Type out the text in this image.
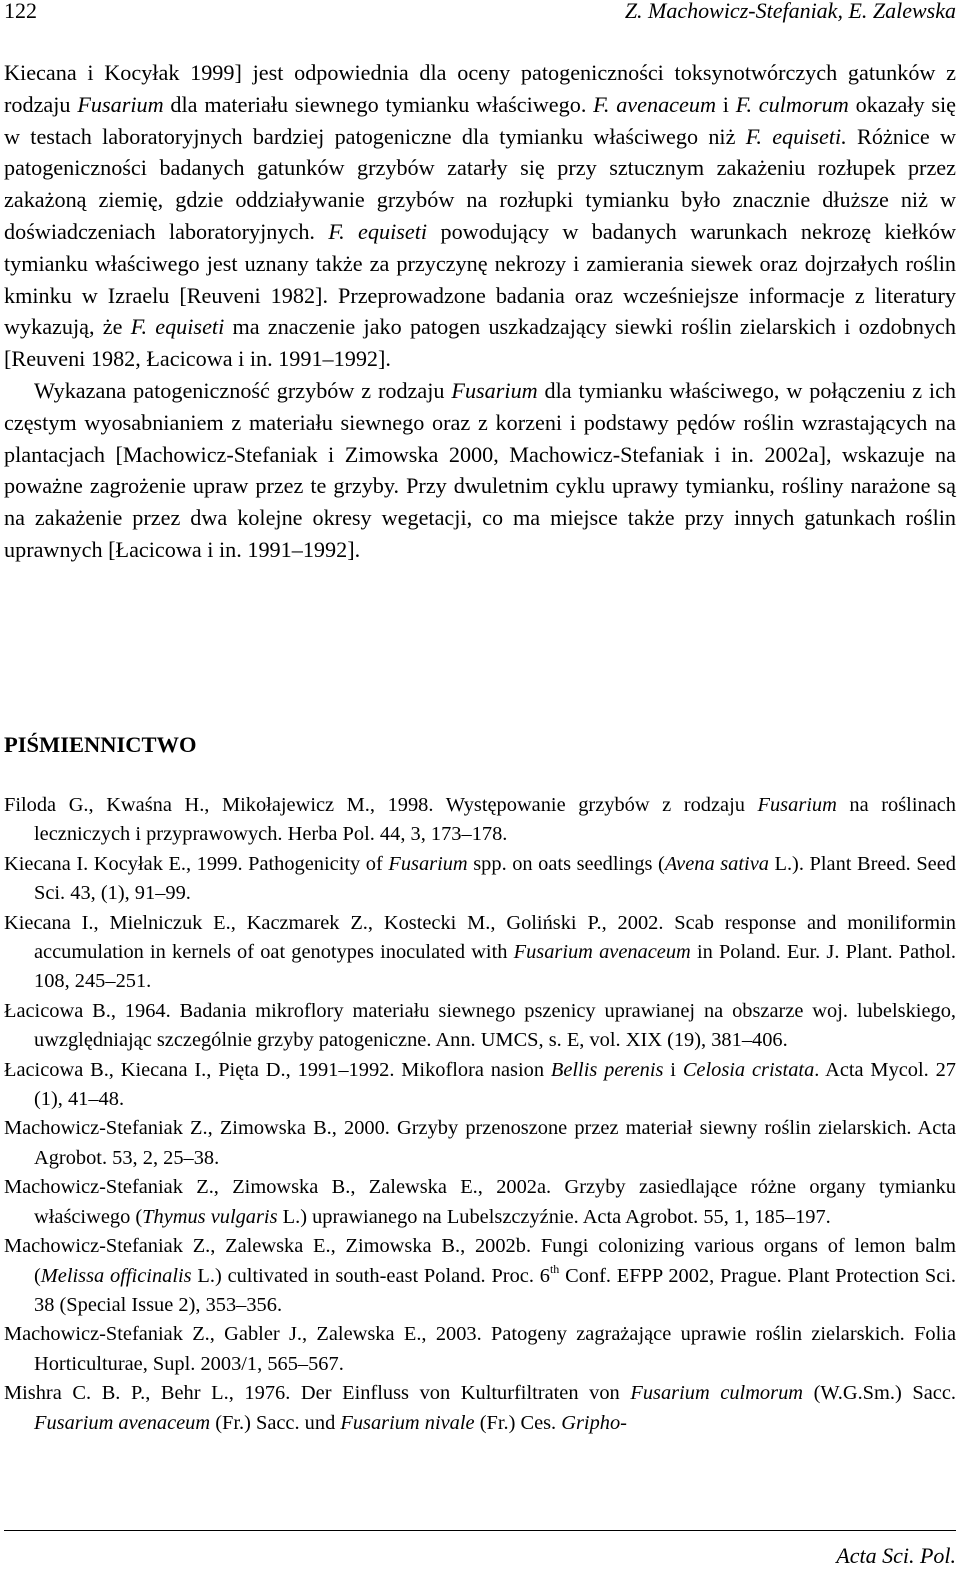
122	Z. Machowicz-Stefaniak, E. Zalewska

Kiecana i Kocyłak 1999] jest odpowiednia dla oceny patogeniczności toksynotwórczych gatunków z rodzaju Fusarium dla materiału siewnego tymianku właściwego. F. avenaceum i F. culmorum okazały się w testach laboratoryjnych bardziej patogeniczne dla tymianku właściwego niż F. equiseti. Różnice w patogeniczności badanych gatunków grzybów zatarły się przy sztucznym zakażeniu rozłupek przez zakażoną ziemię, gdzie oddziaływanie grzybów na rozłupki tymianku było znacznie dłuższe niż w doświadczeniach laboratoryjnych. F. equiseti powodujący w badanych warunkach nekrozę kiełków tymianku właściwego jest uznany także za przyczynę nekrozy i zamierania siewek oraz dojrzałych roślin kminku w Izraelu [Reuveni 1982]. Przeprowadzone badania oraz wcześniejsze informacje z literatury wykazują, że F. equiseti ma znaczenie jako patogen uszkadzający siewki roślin zielarskich i ozdobnych [Reuveni 1982, Łacicowa i in. 1991–1992].

Wykazana patogeniczność grzybów z rodzaju Fusarium dla tymianku właściwego, w połączeniu z ich częstym wyosabnianiem z materiału siewnego oraz z korzeni i podstawy pędów roślin wzrastających na plantacjach [Machowicz-Stefaniak i Zimowska 2000, Machowicz-Stefaniak i in. 2002a], wskazuje na poważne zagrożenie upraw przez te grzyby. Przy dwuletnim cyklu uprawy tymianku, rośliny narażone są na zakażenie przez dwa kolejne okresy wegetacji, co ma miejsce także przy innych gatunkach roślin uprawnych [Łacicowa i in. 1991–1992].

PIŚMIENNICTWO

Filoda G., Kwaśna H., Mikołajewicz M., 1998. Występowanie grzybów z rodzaju Fusarium na roślinach leczniczych i przyprawowych. Herba Pol. 44, 3, 173–178.

Kiecana I. Kocyłak E., 1999. Pathogenicity of Fusarium spp. on oats seedlings (Avena sativa L.). Plant Breed. Seed Sci. 43, (1), 91–99.

Kiecana I., Mielniczuk E., Kaczmarek Z., Kostecki M., Goliński P., 2002. Scab response and moniliformin accumulation in kernels of oat genotypes inoculated with Fusarium avenaceum in Poland. Eur. J. Plant. Pathol. 108, 245–251.

Łacicowa B., 1964. Badania mikroflory materiału siewnego pszenicy uprawianej na obszarze woj. lubelskiego, uwzględniając szczególnie grzyby patogeniczne. Ann. UMCS, s. E, vol. XIX (19), 381–406.

Łacicowa B., Kiecana I., Pięta D., 1991–1992. Mikoflora nasion Bellis perenis i Celosia cristata. Acta Mycol. 27 (1), 41–48.

Machowicz-Stefaniak Z., Zimowska B., 2000. Grzyby przenoszone przez materiał siewny roślin zielarskich. Acta Agrobot. 53, 2, 25–38.

Machowicz-Stefaniak Z., Zimowska B., Zalewska E., 2002a. Grzyby zasiedlające różne organy tymianku właściwego (Thymus vulgaris L.) uprawianego na Lubelszczyźnie. Acta Agrobot. 55, 1, 185–197.

Machowicz-Stefaniak Z., Zalewska E., Zimowska B., 2002b. Fungi colonizing various organs of lemon balm (Melissa officinalis L.) cultivated in south-east Poland. Proc. 6th Conf. EFPP 2002, Prague. Plant Protection Sci. 38 (Special Issue 2), 353–356.

Machowicz-Stefaniak Z., Gabler J., Zalewska E., 2003. Patogeny zagrażające uprawie roślin zielarskich. Folia Horticulturae, Supl. 2003/1, 565–567.

Mishra C. B. P., Behr L., 1976. Der Einfluss von Kulturfiltraten von Fusarium culmorum (W.G.Sm.) Sacc. Fusarium avenaceum (Fr.) Sacc. und Fusarium nivale (Fr.) Ces. Gripho-

Acta Sci. Pol.
